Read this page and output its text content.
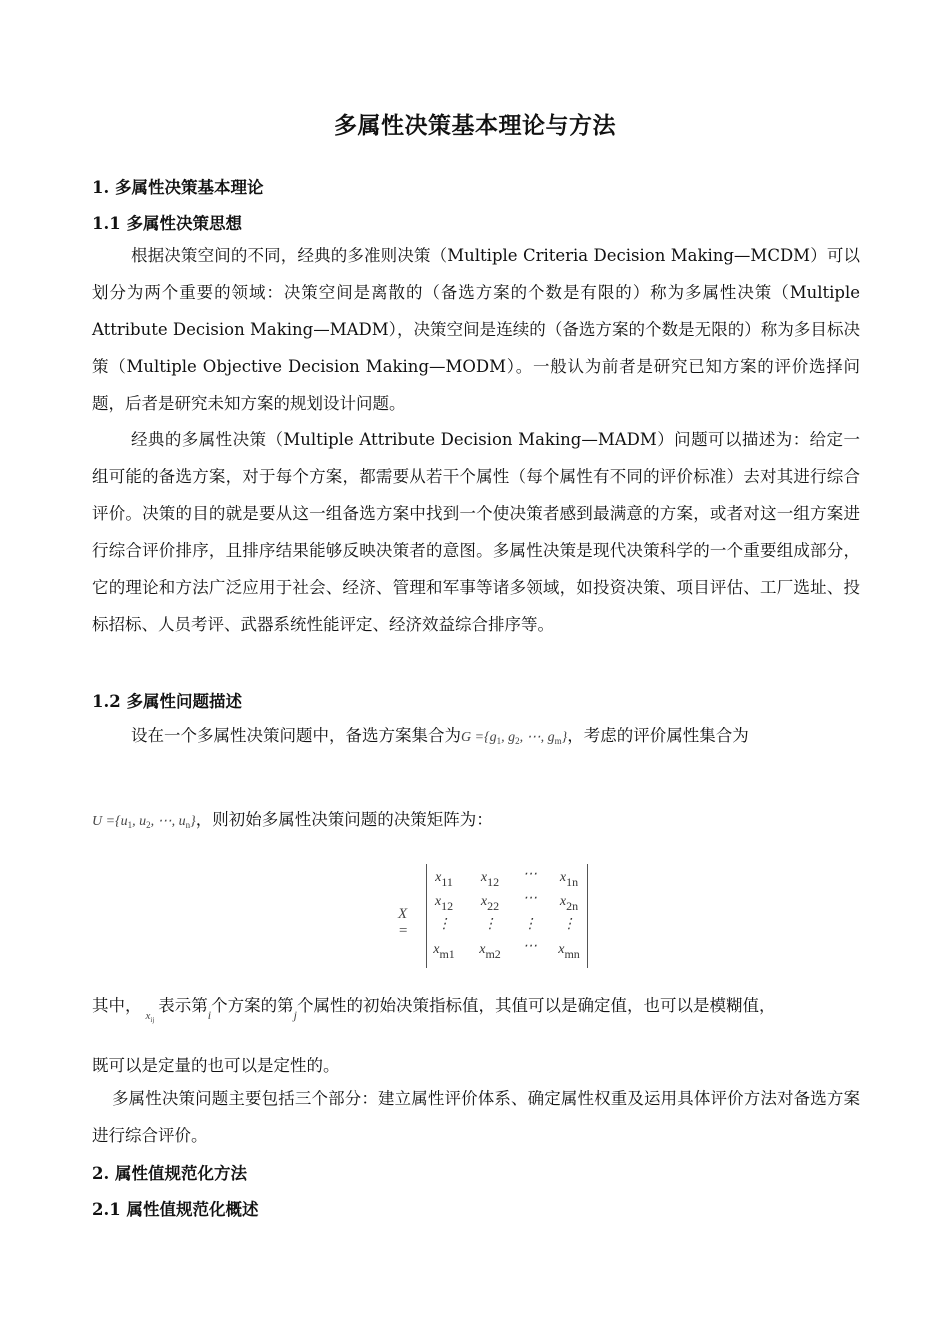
多属性决策基本理论与方法
1. 多属性决策基本理论
1.1 多属性决策思想

根据决策空间的不同，经典的多准则决策（Multiple Criteria Decision Making—MCDM）可以划分为两个重要的领域：决策空间是离散的（备选方案的个数是有限的）称为多属性决策（Multiple Attribute Decision Making—MADM），决策空间是连续的（备选方案的个数是无限的）称为多目标决策（Multiple Objective Decision Making—MODM）。一般认为前者是研究已知方案的评价选择问题，后者是研究未知方案的规划设计问题。

经典的多属性决策（Multiple Attribute Decision Making—MADM）问题可以描述为：给定一组可能的备选方案，对于每个方案，都需要从若干个属性（每个属性有不同的评价标准）去对其进行综合评价。决策的目的就是要从这一组备选方案中找到一个使决策者感到最满意的方案，或者对这一组方案进行综合评价排序，且排序结果能够反映决策者的意图。多属性决策是现代决策科学的一个重要组成部分，它的理论和方法广泛应用于社会、经济、管理和军事等诸多领域，如投资决策、项目评估、工厂选址、投标招标、人员考评、武器系统性能评定、经济效益综合排序等。

1.2 多属性问题描述
设在一个多属性决策问题中，备选方案集合为$G =\{g_1$, $g_2$, ⋯, $g_m$}，考虑的评价属性集合为
$U =\{u_1$, $u_2$, ⋯, $u_n$}，则初始多属性决策问题的决策矩阵为：
X =
x11	x12	⋯	x1n
x12	x22	⋯	x2n
⋮	⋮	⋮	⋮
xm1	xm2	⋯	xmn
其中，$_{x_{ij}}$表示第$_i$个方案的第$_j$个属性的初始决策指标值，其值可以是确定值，也可以是模糊值，
既可以是定量的也可以是定性的。

多属性决策问题主要包括三个部分：建立属性评价体系、确定属性权重及运用具体评价方法对备选方案进行综合评价。

2. 属性值规范化方法
2.1 属性值规范化概述
